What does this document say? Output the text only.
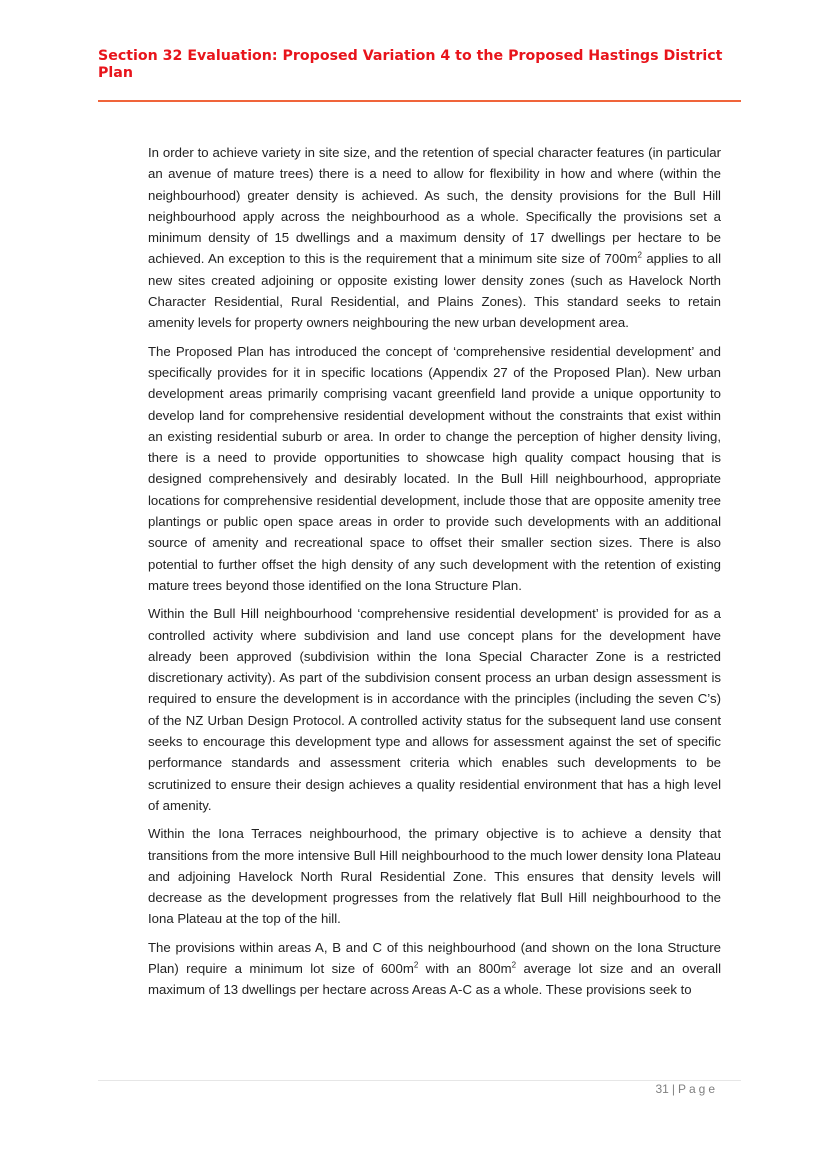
Section 32 Evaluation: Proposed Variation 4 to the Proposed Hastings District Plan

In order to achieve variety in site size, and the retention of special character features (in particular an avenue of mature trees) there is a need to allow for flexibility in how and where (within the neighbourhood) greater density is achieved. As such, the density provisions for the Bull Hill neighbourhood apply across the neighbourhood as a whole. Specifically the provisions set a minimum density of 15 dwellings and a maximum density of 17 dwellings per hectare to be achieved. An exception to this is the requirement that a minimum site size of $700m^2$ applies to all new sites created adjoining or opposite existing lower density zones (such as Havelock North Character Residential, Rural Residential, and Plains Zones). This standard seeks to retain amenity levels for property owners neighbouring the new urban development area.

The Proposed Plan has introduced the concept of ‘comprehensive residential development’ and specifically provides for it in specific locations (Appendix 27 of the Proposed Plan). New urban development areas primarily comprising vacant greenfield land provide a unique opportunity to develop land for comprehensive residential development without the constraints that exist within an existing residential suburb or area. In order to change the perception of higher density living, there is a need to provide opportunities to showcase high quality compact housing that is designed comprehensively and desirably located. In the Bull Hill neighbourhood, appropriate locations for comprehensive residential development, include those that are opposite amenity tree plantings or public open space areas in order to provide such developments with an additional source of amenity and recreational space to offset their smaller section sizes. There is also potential to further offset the high density of any such development with the retention of existing mature trees beyond those identified on the Iona Structure Plan.

Within the Bull Hill neighbourhood ‘comprehensive residential development’ is provided for as a controlled activity where subdivision and land use concept plans for the development have already been approved (subdivision within the Iona Special Character Zone is a restricted discretionary activity). As part of the subdivision consent process an urban design assessment is required to ensure the development is in accordance with the principles (including the seven C’s) of the NZ Urban Design Protocol. A controlled activity status for the subsequent land use consent seeks to encourage this development type and allows for assessment against the set of specific performance standards and assessment criteria which enables such developments to be scrutinized to ensure their design achieves a quality residential environment that has a high level of amenity.

Within the Iona Terraces neighbourhood, the primary objective is to achieve a density that transitions from the more intensive Bull Hill neighbourhood to the much lower density Iona Plateau and adjoining Havelock North Rural Residential Zone. This ensures that density levels will decrease as the development progresses from the relatively flat Bull Hill neighbourhood to the Iona Plateau at the top of the hill.

The provisions within areas A, B and C of this neighbourhood (and shown on the Iona Structure Plan) require a minimum lot size of $600m^2$ with an $800m^2$ average lot size and an overall maximum of 13 dwellings per hectare across Areas A-C as a whole. These provisions seek to

31 | Page
